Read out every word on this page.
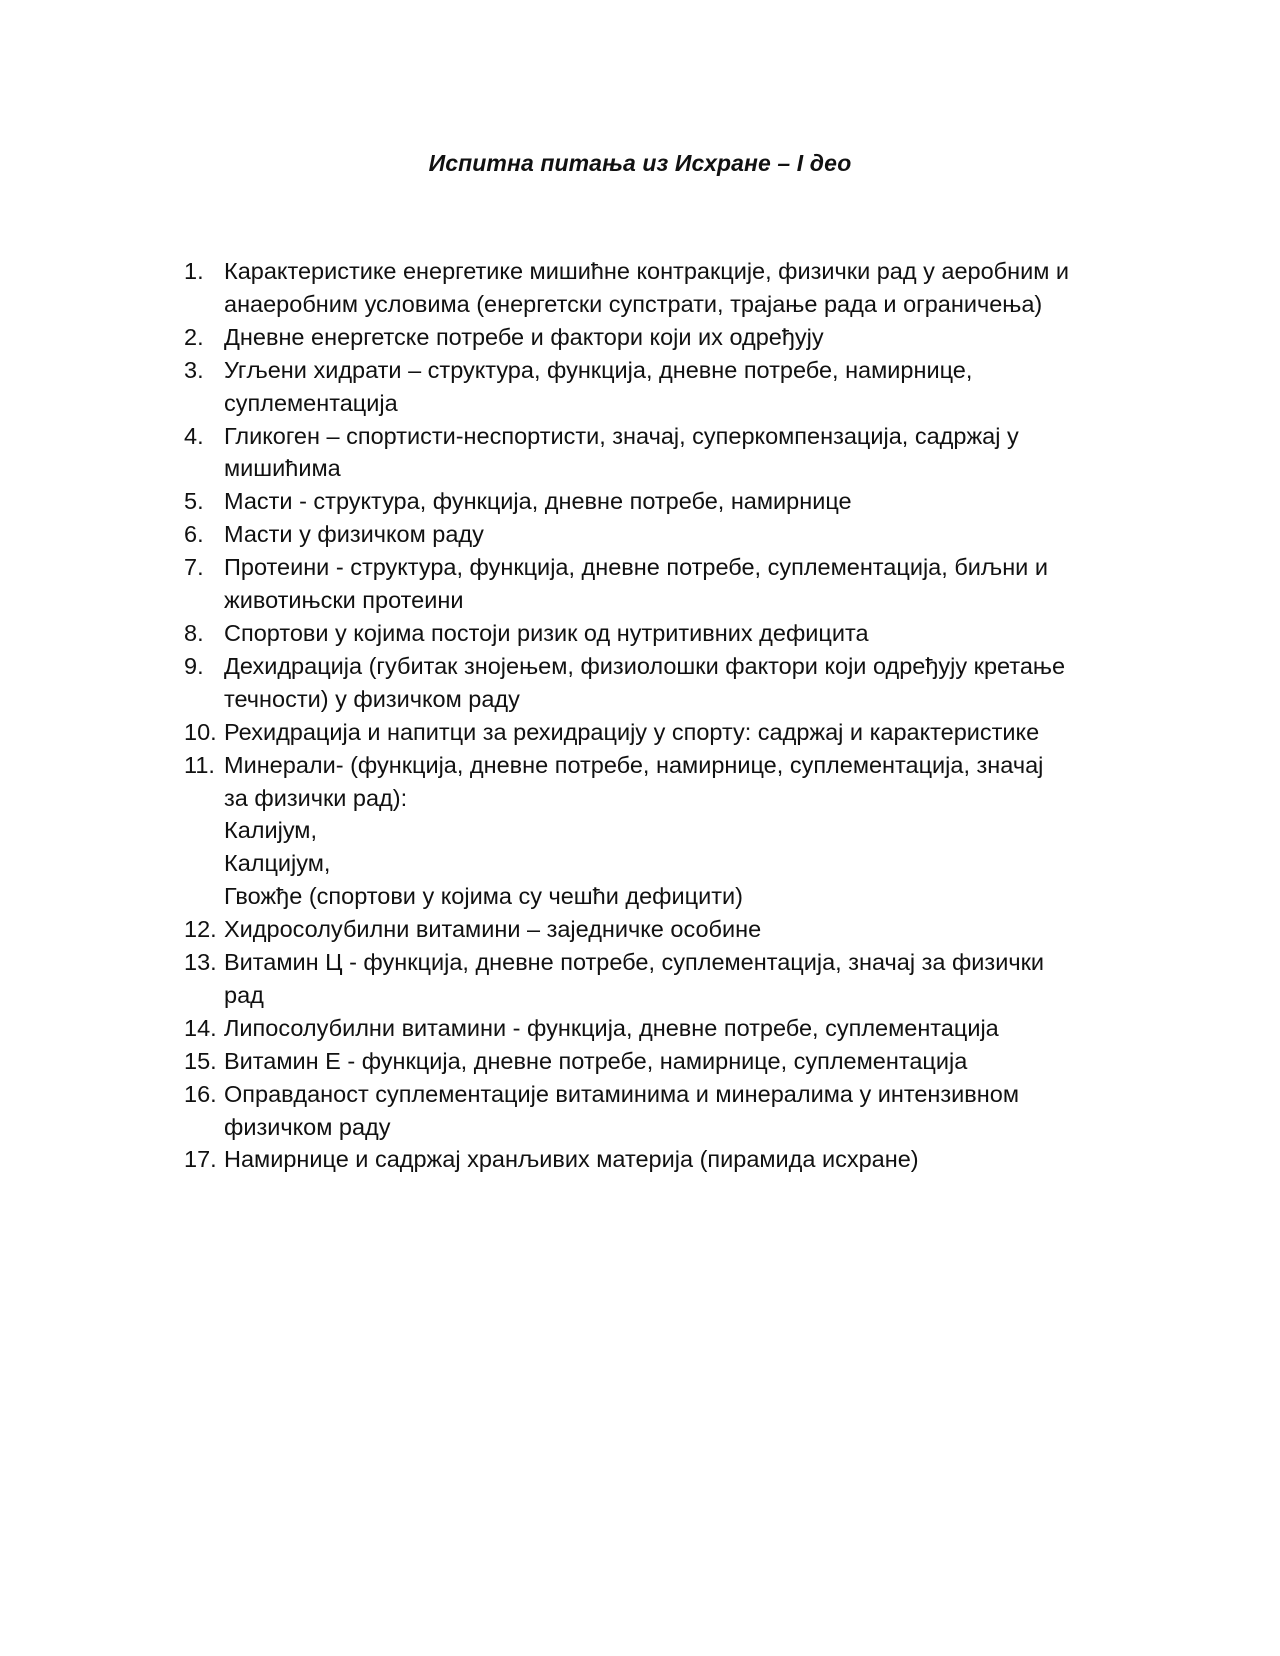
Испитна питања из Исхране – I део
1. Карактеристике енергетике мишићне контракције, физички рад у аеробним и
анаеробним условима (енергетски супстрати, трајање рада и ограничења)
2. Дневне енергетске потребе и фактори који их одређују
3. Угљени хидрати – структура, функција, дневне потребе, намирнице,
суплементација
4. Гликоген – спортисти-неспортисти, значај, суперкомпензација, садржај у
мишићима
5. Масти - структура, функција, дневне потребе, намирнице
6. Масти у физичком раду
7. Протеини - структура, функција, дневне потребе, суплементација, биљни и
животињски протеини
8. Спортови у којима постоји ризик од нутритивних дефицита
9. Дехидрација (губитак знојењем, физиолошки фактори који одређују кретање
течности) у физичком раду
10. Рехидрација и напитци за рехидрацију у спорту: садржај и карактеристике
11. Минерали- (функција, дневне потребе, намирнице, суплементација, значај
за физички рад):
Калијум,
Калцијум,
Гвожђе (спортови у којима су чешћи дефицити)
12. Хидросолубилни витамини – заједничке особине
13. Витамин Ц - функција, дневне потребе, суплементација, значај за физички
рад
14. Липосолубилни витамини - функција, дневне потребе, суплементација
15. Витамин Е - функција, дневне потребе, намирнице, суплементација
16. Оправданост суплементације витаминима и минералима у интензивном
физичком раду
17. Намирнице и садржај хранљивих материја (пирамида исхране)
